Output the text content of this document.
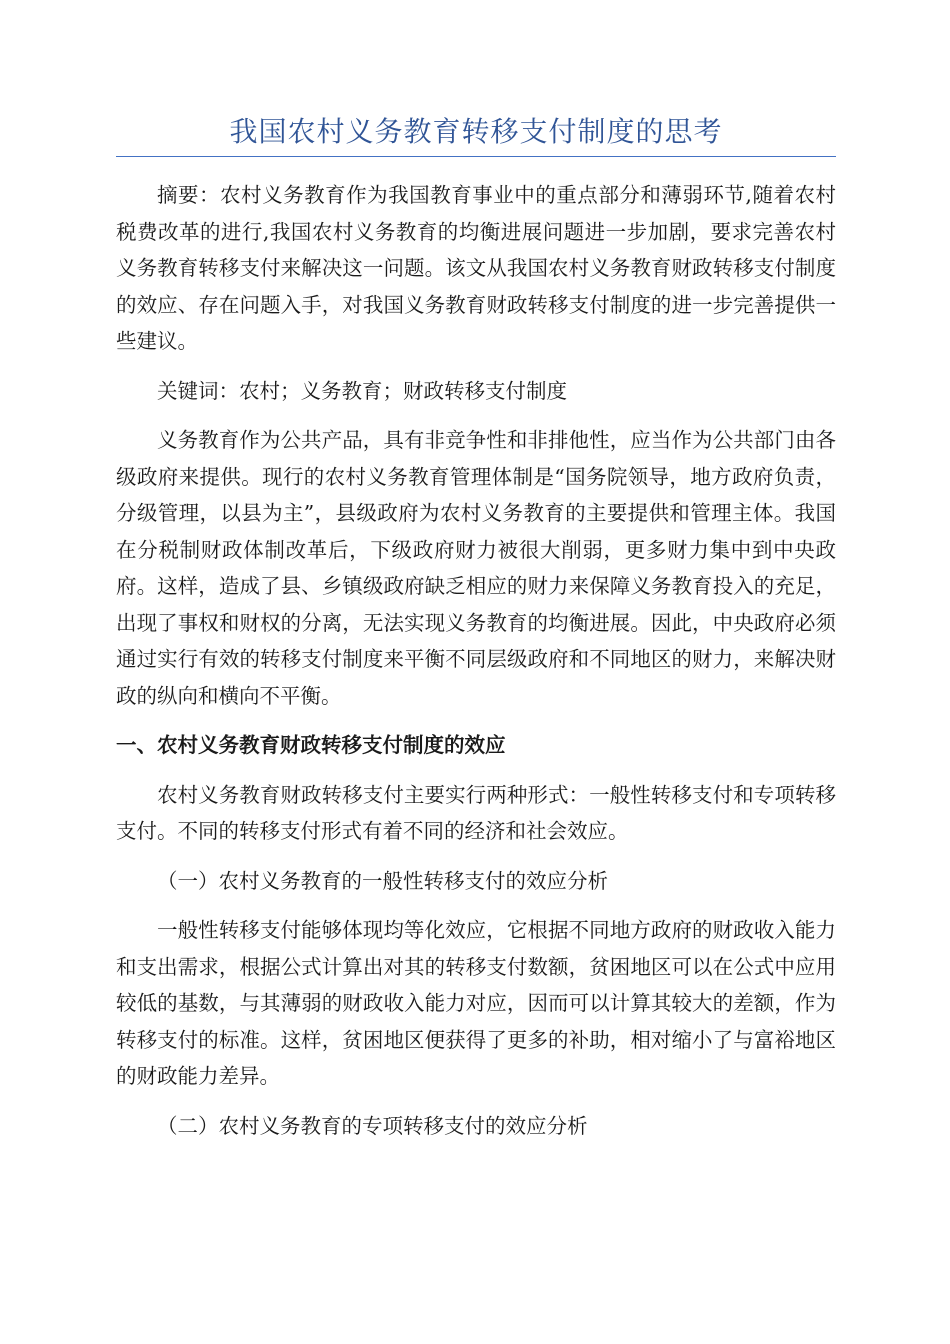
我国农村义务教育转移支付制度的思考

摘要：农村义务教育作为我国教育事业中的重点部分和薄弱环节,随着农村税费改革的进行,我国农村义务教育的均衡进展问题进一步加剧，要求完善农村义务教育转移支付来解决这一问题。该文从我国农村义务教育财政转移支付制度的效应、存在问题入手，对我国义务教育财政转移支付制度的进一步完善提供一些建议。

关键词：农村；义务教育；财政转移支付制度

义务教育作为公共产品，具有非竞争性和非排他性，应当作为公共部门由各级政府来提供。现行的农村义务教育管理体制是“国务院领导，地方政府负责，分级管理，以县为主”，县级政府为农村义务教育的主要提供和管理主体。我国在分税制财政体制改革后，下级政府财力被很大削弱，更多财力集中到中央政府。这样，造成了县、乡镇级政府缺乏相应的财力来保障义务教育投入的充足，出现了事权和财权的分离，无法实现义务教育的均衡进展。因此，中央政府必须通过实行有效的转移支付制度来平衡不同层级政府和不同地区的财力，来解决财政的纵向和横向不平衡。

一、农村义务教育财政转移支付制度的效应

农村义务教育财政转移支付主要实行两种形式：一般性转移支付和专项转移支付。不同的转移支付形式有着不同的经济和社会效应。

（一）农村义务教育的一般性转移支付的效应分析

一般性转移支付能够体现均等化效应，它根据不同地方政府的财政收入能力和支出需求，根据公式计算出对其的转移支付数额，贫困地区可以在公式中应用较低的基数，与其薄弱的财政收入能力对应，因而可以计算其较大的差额，作为转移支付的标准。这样，贫困地区便获得了更多的补助，相对缩小了与富裕地区的财政能力差异。

（二）农村义务教育的专项转移支付的效应分析
